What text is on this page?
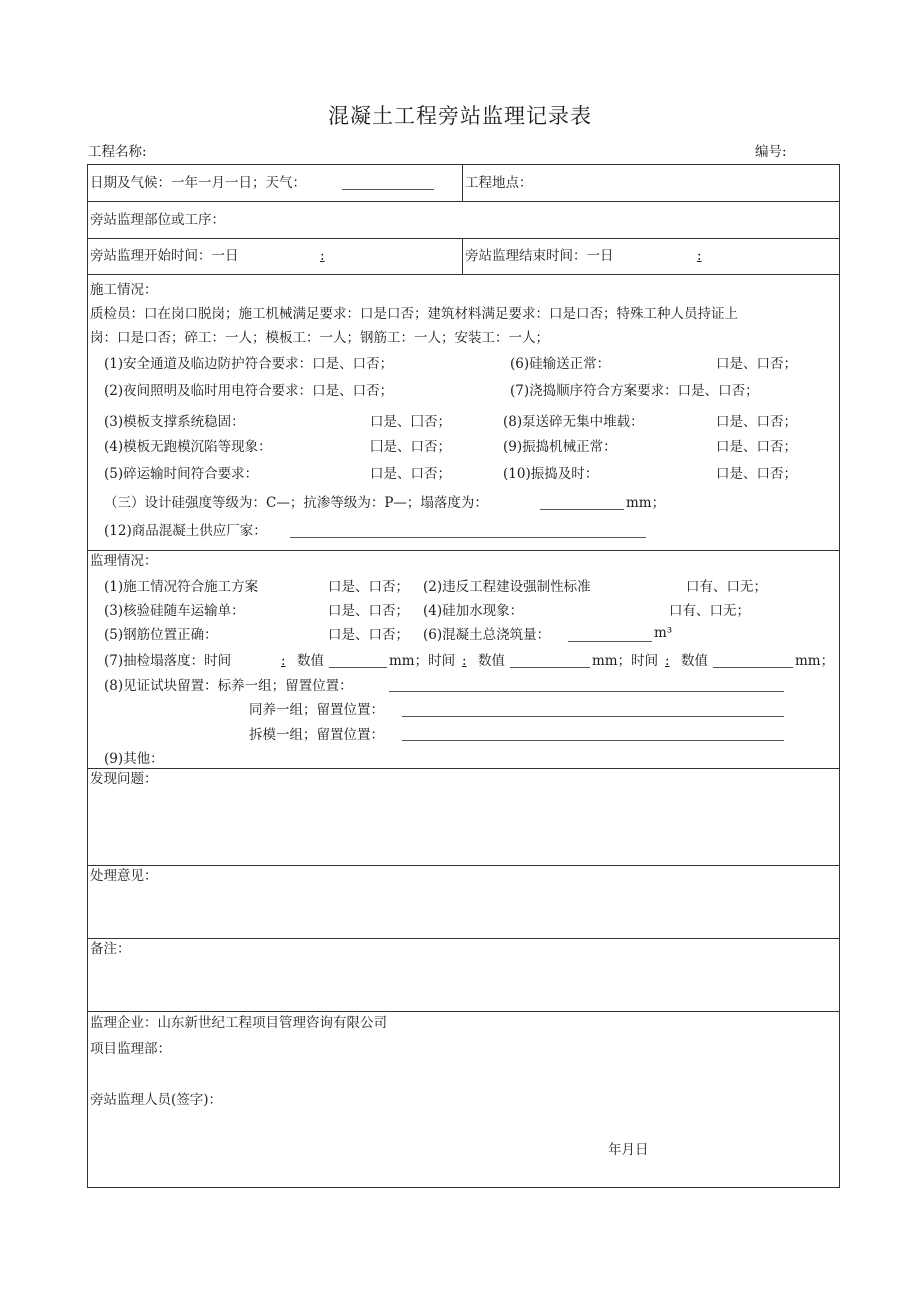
混凝土工程旁站监理记录表
工程名称:	编号:
日期及气候：一年一月一日；天气：	工程地点：
旁站监理部位或工序：
旁站监理开始时间：一日	:	旁站监理结束时间：一日	:
施工情况：
质检员：口在岗口脱岗；施工机械满足要求：口是口否；建筑材料满足要求：口是口否；特殊工种人员持证上
岗：口是口否；碎工：一人；模板工：一人；钢筋工：一人；安装工：一人；
(1)安全通道及临边防护符合要求：口是、口否；	(6)硅输送正常：	口是、口否；
(2)夜间照明及临时用电符合要求：口是、口否；	(7)浇捣顺序符合方案要求：口是、口否；
(3)模板支撑系统稳固：	口是、囗否；	(8)泵送碎无集中堆载：	口是、口否；
(4)模板无跑模沉陷等现象：	囗是、口否；	(9)振捣机械正常：	口是、口否；
(5)碎运输时间符合要求：	口是、口否；	(10)振捣及时：	口是、口否；
（三）设计硅强度等级为：C—；抗渗等级为：P—；塌落度为：	mm；
(12)商品混凝土供应厂家：
监理情况：
(1)施工情况符合施工方案	口是、口否； (2)违反工程建设强制性标准	口有、口无；
(3)核验硅随车运输单：	口是、口否； (4)硅加水现象：	口有、口无；
(5)钢筋位置正确：	口是、口否； (6)混凝土总浇筑量：	m³
(7)抽检塌落度：时间	: 数值	mm；时间 : 数值	mm；时间 : 数值	mm；
(8)见证试块留置：标养一组；留置位置：
同养一组；留置位置：
拆模一组；留置位置：
(9)其他：
发现问题：
处理意见：
备注：
监理企业：山东新世纪工程项目管理咨询有限公司
项目监理部：
旁站监理人员(签字)：
年月日
